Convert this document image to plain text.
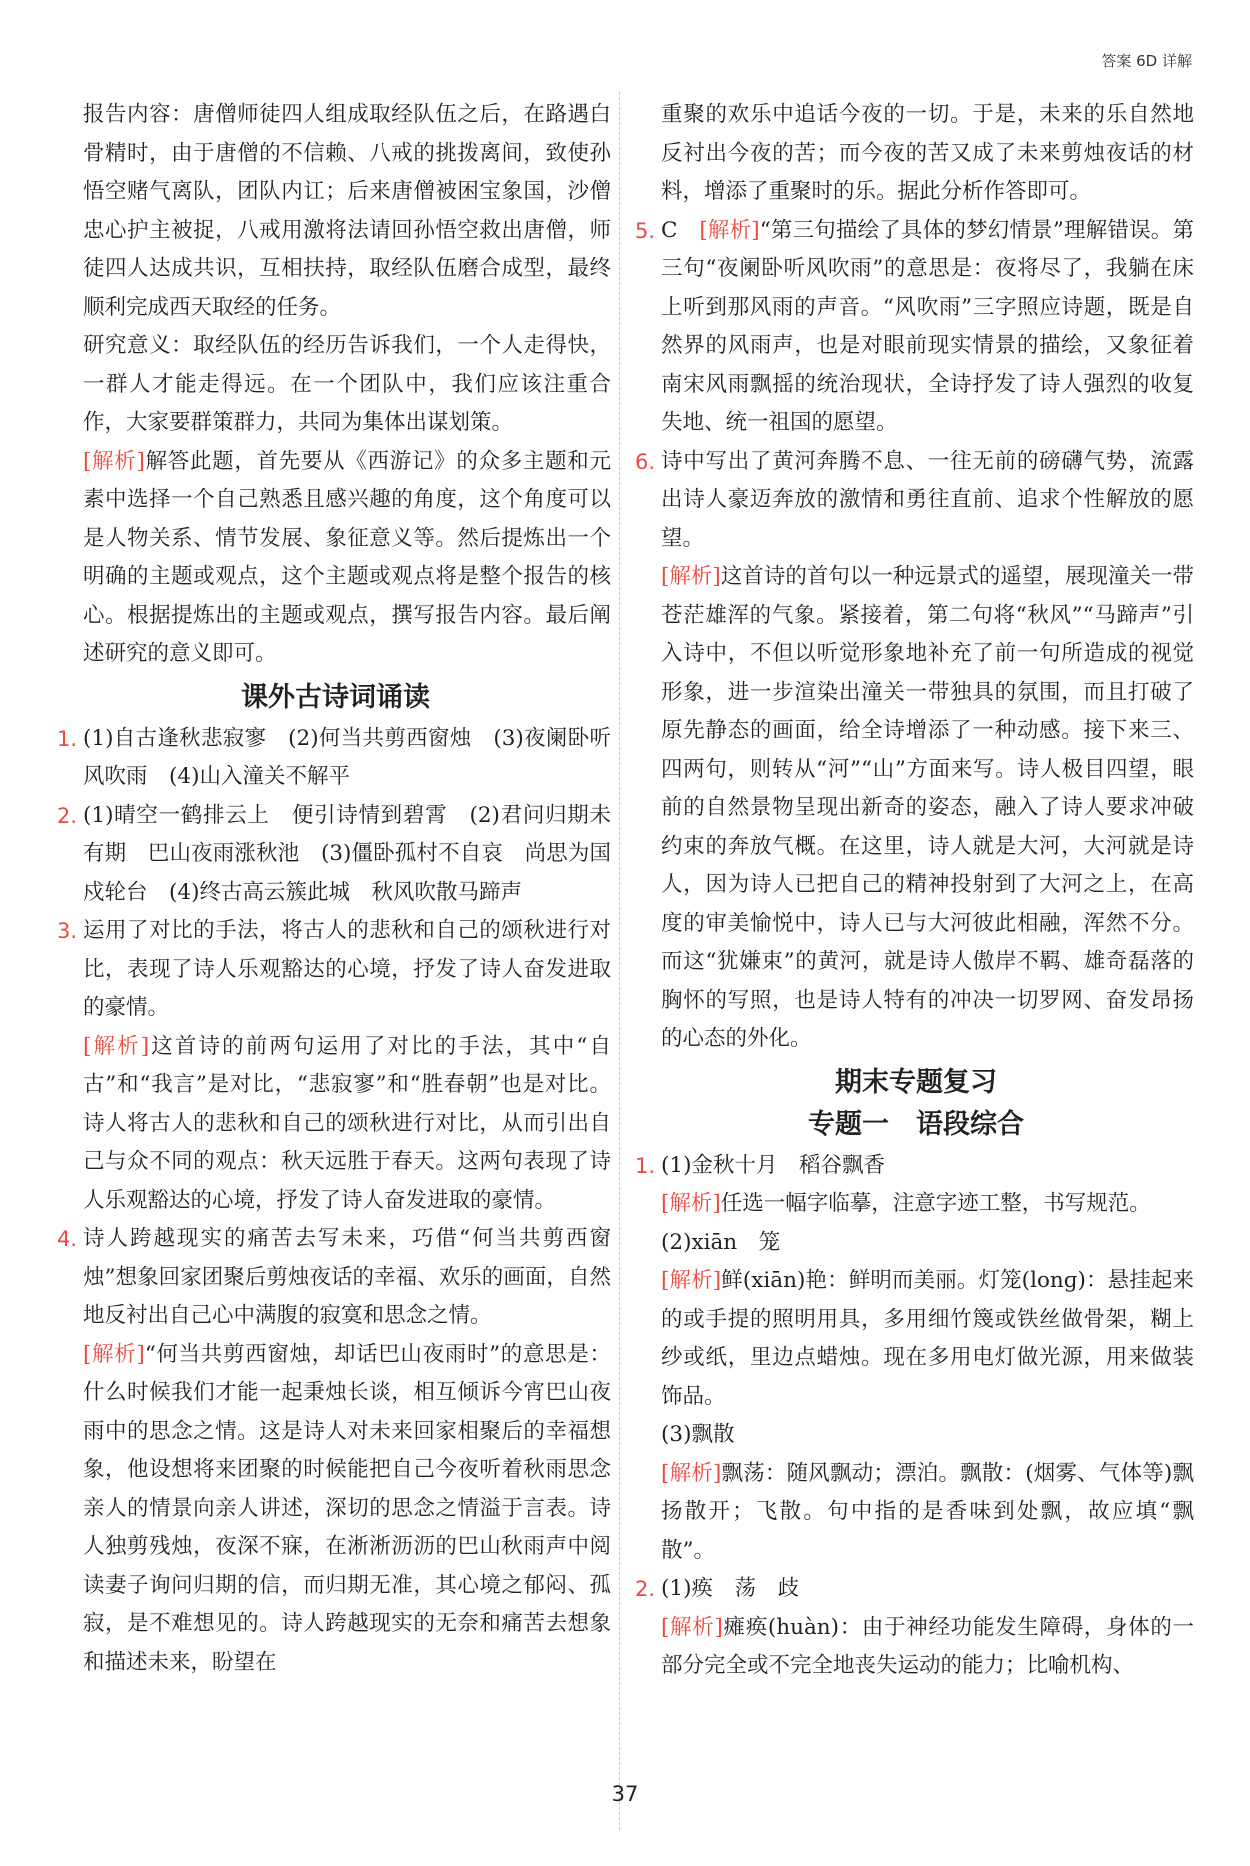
答案 6D 详解

报告内容：唐僧师徒四人组成取经队伍之后，在路遇白骨精时，由于唐僧的不信赖、八戒的挑拨离间，致使孙悟空赌气离队，团队内讧；后来唐僧被困宝象国，沙僧忠心护主被捉，八戒用激将法请回孙悟空救出唐僧，师徒四人达成共识，互相扶持，取经队伍磨合成型，最终顺利完成西天取经的任务。

研究意义：取经队伍的经历告诉我们，一个人走得快，一群人才能走得远。在一个团队中，我们应该注重合作，大家要群策群力，共同为集体出谋划策。

[解析]解答此题，首先要从《西游记》的众多主题和元素中选择一个自己熟悉且感兴趣的角度，这个角度可以是人物关系、情节发展、象征意义等。然后提炼出一个明确的主题或观点，这个主题或观点将是整个报告的核心。根据提炼出的主题或观点，撰写报告内容。最后阐述研究的意义即可。

课外古诗词诵读

1. (1)自古逢秋悲寂寥　(2)何当共剪西窗烛　(3)夜阑卧听风吹雨　(4)山入潼关不解平

2. (1)晴空一鹤排云上　便引诗情到碧霄　(2)君问归期未有期　巴山夜雨涨秋池　(3)僵卧孤村不自哀　尚思为国戍轮台　(4)终古高云簇此城　秋风吹散马蹄声

3. 运用了对比的手法，将古人的悲秋和自己的颂秋进行对比，表现了诗人乐观豁达的心境，抒发了诗人奋发进取的豪情。

[解析]这首诗的前两句运用了对比的手法，其中“自古”和“我言”是对比，“悲寂寥”和“胜春朝”也是对比。诗人将古人的悲秋和自己的颂秋进行对比，从而引出自己与众不同的观点：秋天远胜于春天。这两句表现了诗人乐观豁达的心境，抒发了诗人奋发进取的豪情。

4. 诗人跨越现实的痛苦去写未来，巧借“何当共剪西窗烛”想象回家团聚后剪烛夜话的幸福、欢乐的画面，自然地反衬出自己心中满腹的寂寞和思念之情。

[解析]“何当共剪西窗烛，却话巴山夜雨时”的意思是：什么时候我们才能一起秉烛长谈，相互倾诉今宵巴山夜雨中的思念之情。这是诗人对未来回家相聚后的幸福想象，他设想将来团聚的时候能把自己今夜听着秋雨思念亲人的情景向亲人讲述，深切的思念之情溢于言表。诗人独剪残烛，夜深不寐，在淅淅沥沥的巴山秋雨声中阅读妻子询问归期的信，而归期无准，其心境之郁闷、孤寂，是不难想见的。诗人跨越现实的无奈和痛苦去想象和描述未来，盼望在

重聚的欢乐中追话今夜的一切。于是，未来的乐自然地反衬出今夜的苦；而今夜的苦又成了未来剪烛夜话的材料，增添了重聚时的乐。据此分析作答即可。

5. C　[解析]“第三句描绘了具体的梦幻情景”理解错误。第三句“夜阑卧听风吹雨”的意思是：夜将尽了，我躺在床上听到那风雨的声音。“风吹雨”三字照应诗题，既是自然界的风雨声，也是对眼前现实情景的描绘，又象征着南宋风雨飘摇的统治现状，全诗抒发了诗人强烈的收复失地、统一祖国的愿望。

6. 诗中写出了黄河奔腾不息、一往无前的磅礴气势，流露出诗人豪迈奔放的激情和勇往直前、追求个性解放的愿望。

[解析]这首诗的首句以一种远景式的遥望，展现潼关一带苍茫雄浑的气象。紧接着，第二句将“秋风”“马蹄声”引入诗中，不但以听觉形象地补充了前一句所造成的视觉形象，进一步渲染出潼关一带独具的氛围，而且打破了原先静态的画面，给全诗增添了一种动感。接下来三、四两句，则转从“河”“山”方面来写。诗人极目四望，眼前的自然景物呈现出新奇的姿态，融入了诗人要求冲破约束的奔放气概。在这里，诗人就是大河，大河就是诗人，因为诗人已把自己的精神投射到了大河之上，在高度的审美愉悦中，诗人已与大河彼此相融，浑然不分。而这“犹嫌束”的黄河，就是诗人傲岸不羁、雄奇磊落的胸怀的写照，也是诗人特有的冲决一切罗网、奋发昂扬的心态的外化。

期末专题复习
专题一　语段综合

1. (1)金秋十月　稻谷飘香

[解析]任选一幅字临摹，注意字迹工整，书写规范。

(2)xiān　笼

[解析]鲜(xiān)艳：鲜明而美丽。灯笼(lonɡ)：悬挂起来的或手提的照明用具，多用细竹篾或铁丝做骨架，糊上纱或纸，里边点蜡烛。现在多用电灯做光源，用来做装饰品。

(3)飘散

[解析]飘荡：随风飘动；漂泊。飘散：(烟雾、气体等)飘扬散开；飞散。句中指的是香味到处飘，故应填“飘散”。

2. (1)痪　荡　歧

[解析]瘫痪(huàn)：由于神经功能发生障碍，身体的一部分完全或不完全地丧失运动的能力；比喻机构、

37
